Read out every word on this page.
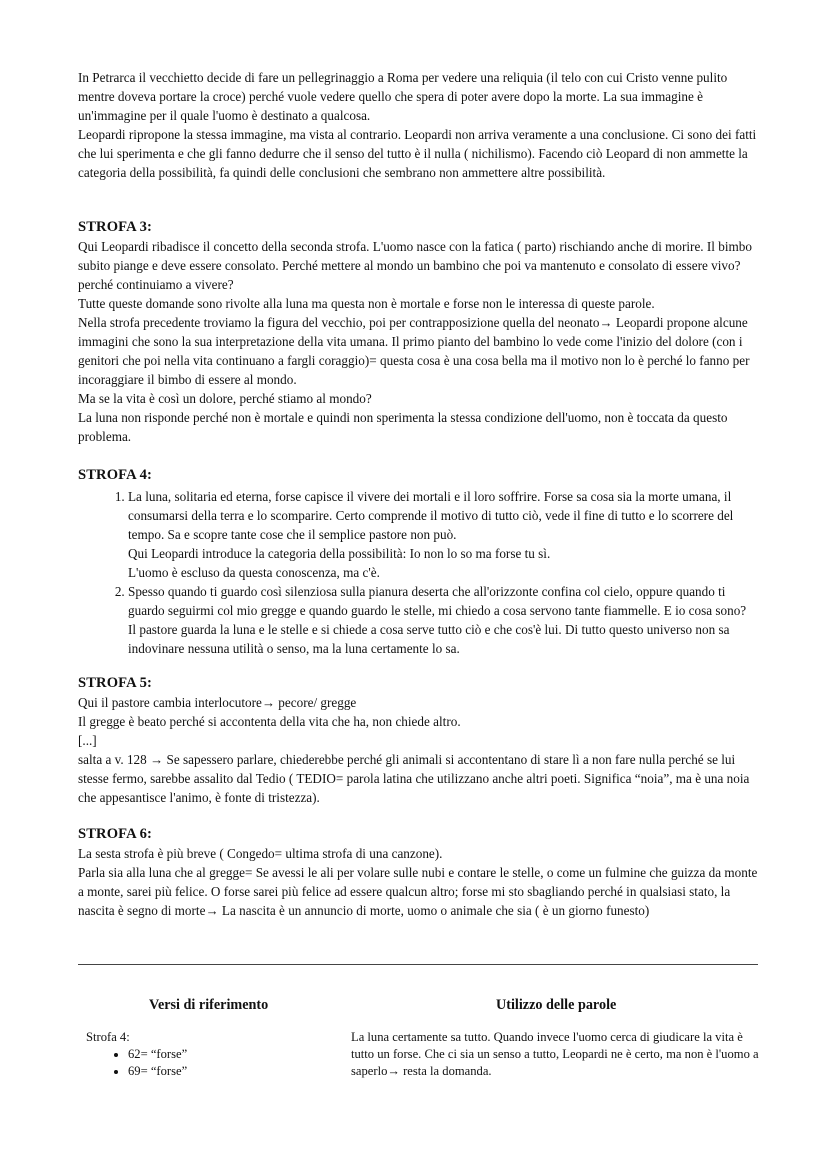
In Petrarca il vecchietto decide di fare un pellegrinaggio a Roma per vedere una reliquia (il telo con cui Cristo venne pulito mentre doveva portare la croce) perché vuole vedere quello che spera di poter avere dopo la morte. La sua immagine è un'immagine per il quale l'uomo è destinato a qualcosa.

Leopardi ripropone la stessa immagine, ma vista al contrario. Leopardi non arriva veramente a una conclusione. Ci sono dei fatti che lui sperimenta e che gli fanno dedurre che il senso del tutto è il nulla ( nichilismo). Facendo ciò Leopard di non ammette la categoria della possibilità, fa quindi delle conclusioni che sembrano non ammettere altre possibilità.

STROFA 3:

Qui Leopardi ribadisce il concetto della seconda strofa. L'uomo nasce con la fatica ( parto) rischiando anche di morire. Il bimbo subito piange e deve essere consolato. Perché mettere al mondo un bambino che poi va mantenuto e consolato di essere vivo? perché continuiamo a vivere?

Tutte queste domande sono rivolte alla luna ma questa non è mortale e forse non le interessa di queste parole.

Nella strofa precedente troviamo la figura del vecchio, poi per contrapposizione quella del neonato→ Leopardi propone alcune immagini che sono la sua interpretazione della vita umana. Il primo pianto del bambino lo vede come l'inizio del dolore (con i genitori che poi nella vita continuano a fargli coraggio)= questa cosa è una cosa bella ma il motivo non lo è perché lo fanno per incoraggiare il bimbo di essere al mondo.

Ma se la vita è così un dolore, perché stiamo al mondo?

La luna non risponde perché non è mortale e quindi non sperimenta la stessa condizione dell'uomo, non è toccata da questo problema.

STROFA 4:

1. La luna, solitaria ed eterna, forse capisce il vivere dei mortali e il loro soffrire. Forse sa cosa sia la morte umana, il consumarsi della terra e lo scomparire. Certo comprende il motivo di tutto ciò, vede il fine di tutto e lo scorrere del tempo. Sa e scopre tante cose che il semplice pastore non può.

Qui Leopardi introduce la categoria della possibilità: Io non lo so ma forse tu sì.

L'uomo è escluso da questa conoscenza, ma c'è.

2. Spesso quando ti guardo così silenziosa sulla pianura deserta che all'orizzonte confina col cielo, oppure quando ti guardo seguirmi col mio gregge e quando guardo le stelle, mi chiedo a cosa servono tante fiammelle. E io cosa sono?

Il pastore guarda la luna e le stelle e si chiede a cosa serve tutto ciò e che cos'è lui. Di tutto questo universo non sa indovinare nessuna utilità o senso, ma la luna certamente lo sa.

STROFA 5:

Qui il pastore cambia interlocutore→ pecore/ gregge

Il gregge è beato perché si accontenta della vita che ha, non chiede altro.

[...]

salta a v. 128 → Se sapessero parlare, chiederebbe perché gli animali si accontentano di stare lì a non fare nulla perché se lui stesse fermo, sarebbe assalito dal Tedio ( TEDIO= parola latina che utilizzano anche altri poeti. Significa “noia”, ma è una noia che appesantisce l'animo, è fonte di tristezza).

STROFA 6:

La sesta strofa è più breve ( Congedo= ultima strofa di una canzone).

Parla sia alla luna che al gregge= Se avessi le ali per volare sulle nubi e contare le stelle, o come un fulmine che guizza da monte a monte, sarei più felice. O forse sarei più felice ad essere qualcun altro; forse mi sto sbagliando perché in qualsiasi stato, la nascita è segno di morte→ La nascita è un annuncio di morte, uomo o animale che sia ( è un giorno funesto)

Versi di riferimento	Utilizzo delle parole
Strofa 4:
• 62= “forse”
• 69= “forse”

La luna certamente sa tutto. Quando invece l'uomo cerca di giudicare la vita è tutto un forse. Che ci sia un senso a tutto, Leopardi ne è certo, ma non è l'uomo a saperlo→ resta la domanda.
